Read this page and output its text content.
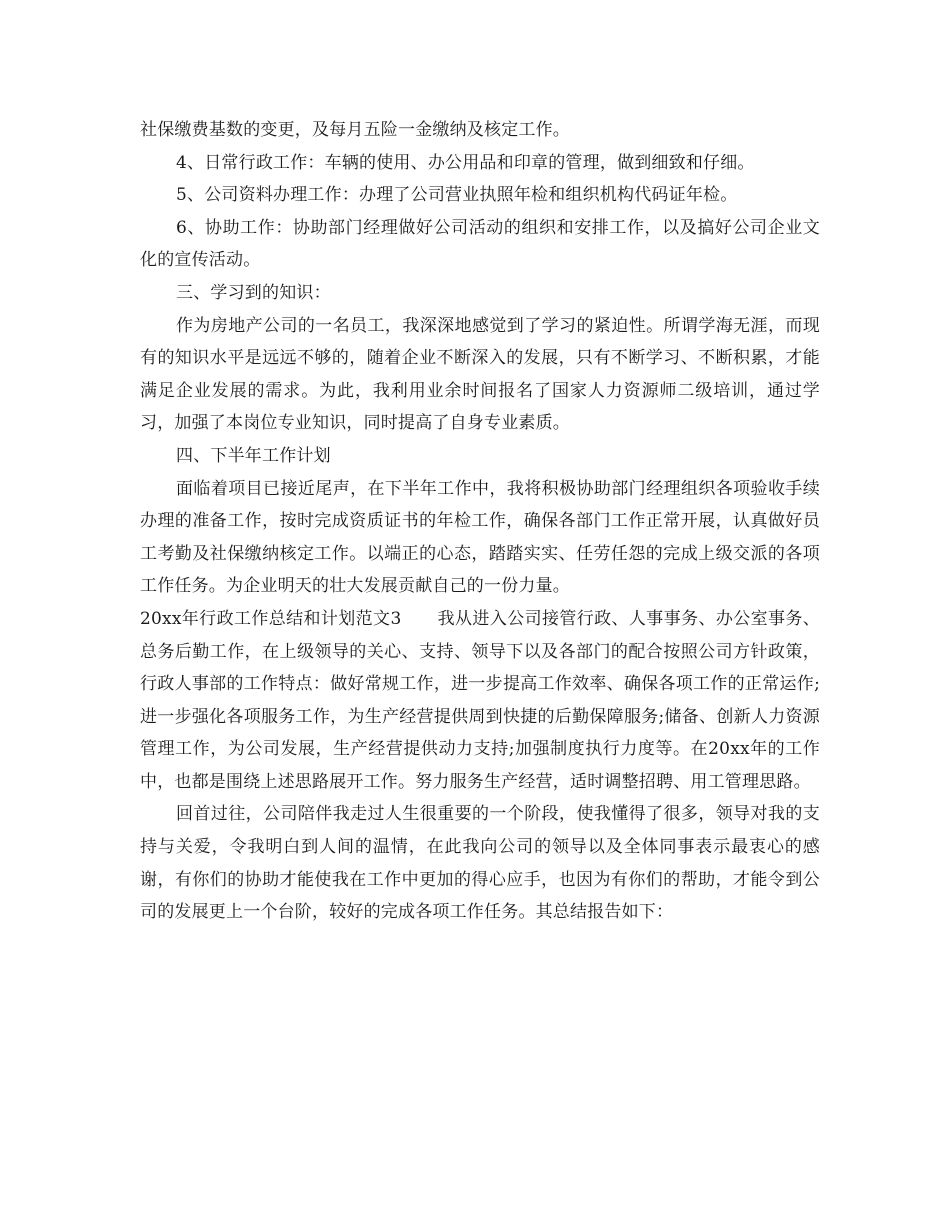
社保缴费基数的变更，及每月五险一金缴纳及核定工作。

4、日常行政工作：车辆的使用、办公用品和印章的管理，做到细致和仔细。

5、公司资料办理工作：办理了公司营业执照年检和组织机构代码证年检。

6、协助工作：协助部门经理做好公司活动的组织和安排工作，以及搞好公司企业文化的宣传活动。

三、学习到的知识：

作为房地产公司的一名员工，我深深地感觉到了学习的紧迫性。所谓学海无涯，而现有的知识水平是远远不够的，随着企业不断深入的发展，只有不断学习、不断积累，才能满足企业发展的需求。为此，我利用业余时间报名了国家人力资源师二级培训，通过学习，加强了本岗位专业知识，同时提高了自身专业素质。

四、下半年工作计划

面临着项目已接近尾声，在下半年工作中，我将积极协助部门经理组织各项验收手续办理的准备工作，按时完成资质证书的年检工作，确保各部门工作正常开展，认真做好员工考勤及社保缴纳核定工作。以端正的心态，踏踏实实、任劳任怨的完成上级交派的各项工作任务。为企业明天的壮大发展贡献自己的一份力量。

20xx年行政工作总结和计划范文3 我从进入公司接管行政、人事事务、办公室事务、总务后勤工作，在上级领导的关心、支持、领导下以及各部门的配合按照公司方针政策，行政人事部的工作特点：做好常规工作，进一步提高工作效率、确保各项工作的正常运作;进一步强化各项服务工作，为生产经营提供周到快捷的后勤保障服务;储备、创新人力资源管理工作，为公司发展，生产经营提供动力支持;加强制度执行力度等。在20xx年的工作中，也都是围绕上述思路展开工作。努力服务生产经营，适时调整招聘、用工管理思路。

回首过往，公司陪伴我走过人生很重要的一个阶段，使我懂得了很多，领导对我的支持与关爱，令我明白到人间的温情，在此我向公司的领导以及全体同事表示最衷心的感谢，有你们的协助才能使我在工作中更加的得心应手，也因为有你们的帮助，才能令到公司的发展更上一个台阶，较好的完成各项工作任务。其总结报告如下：
